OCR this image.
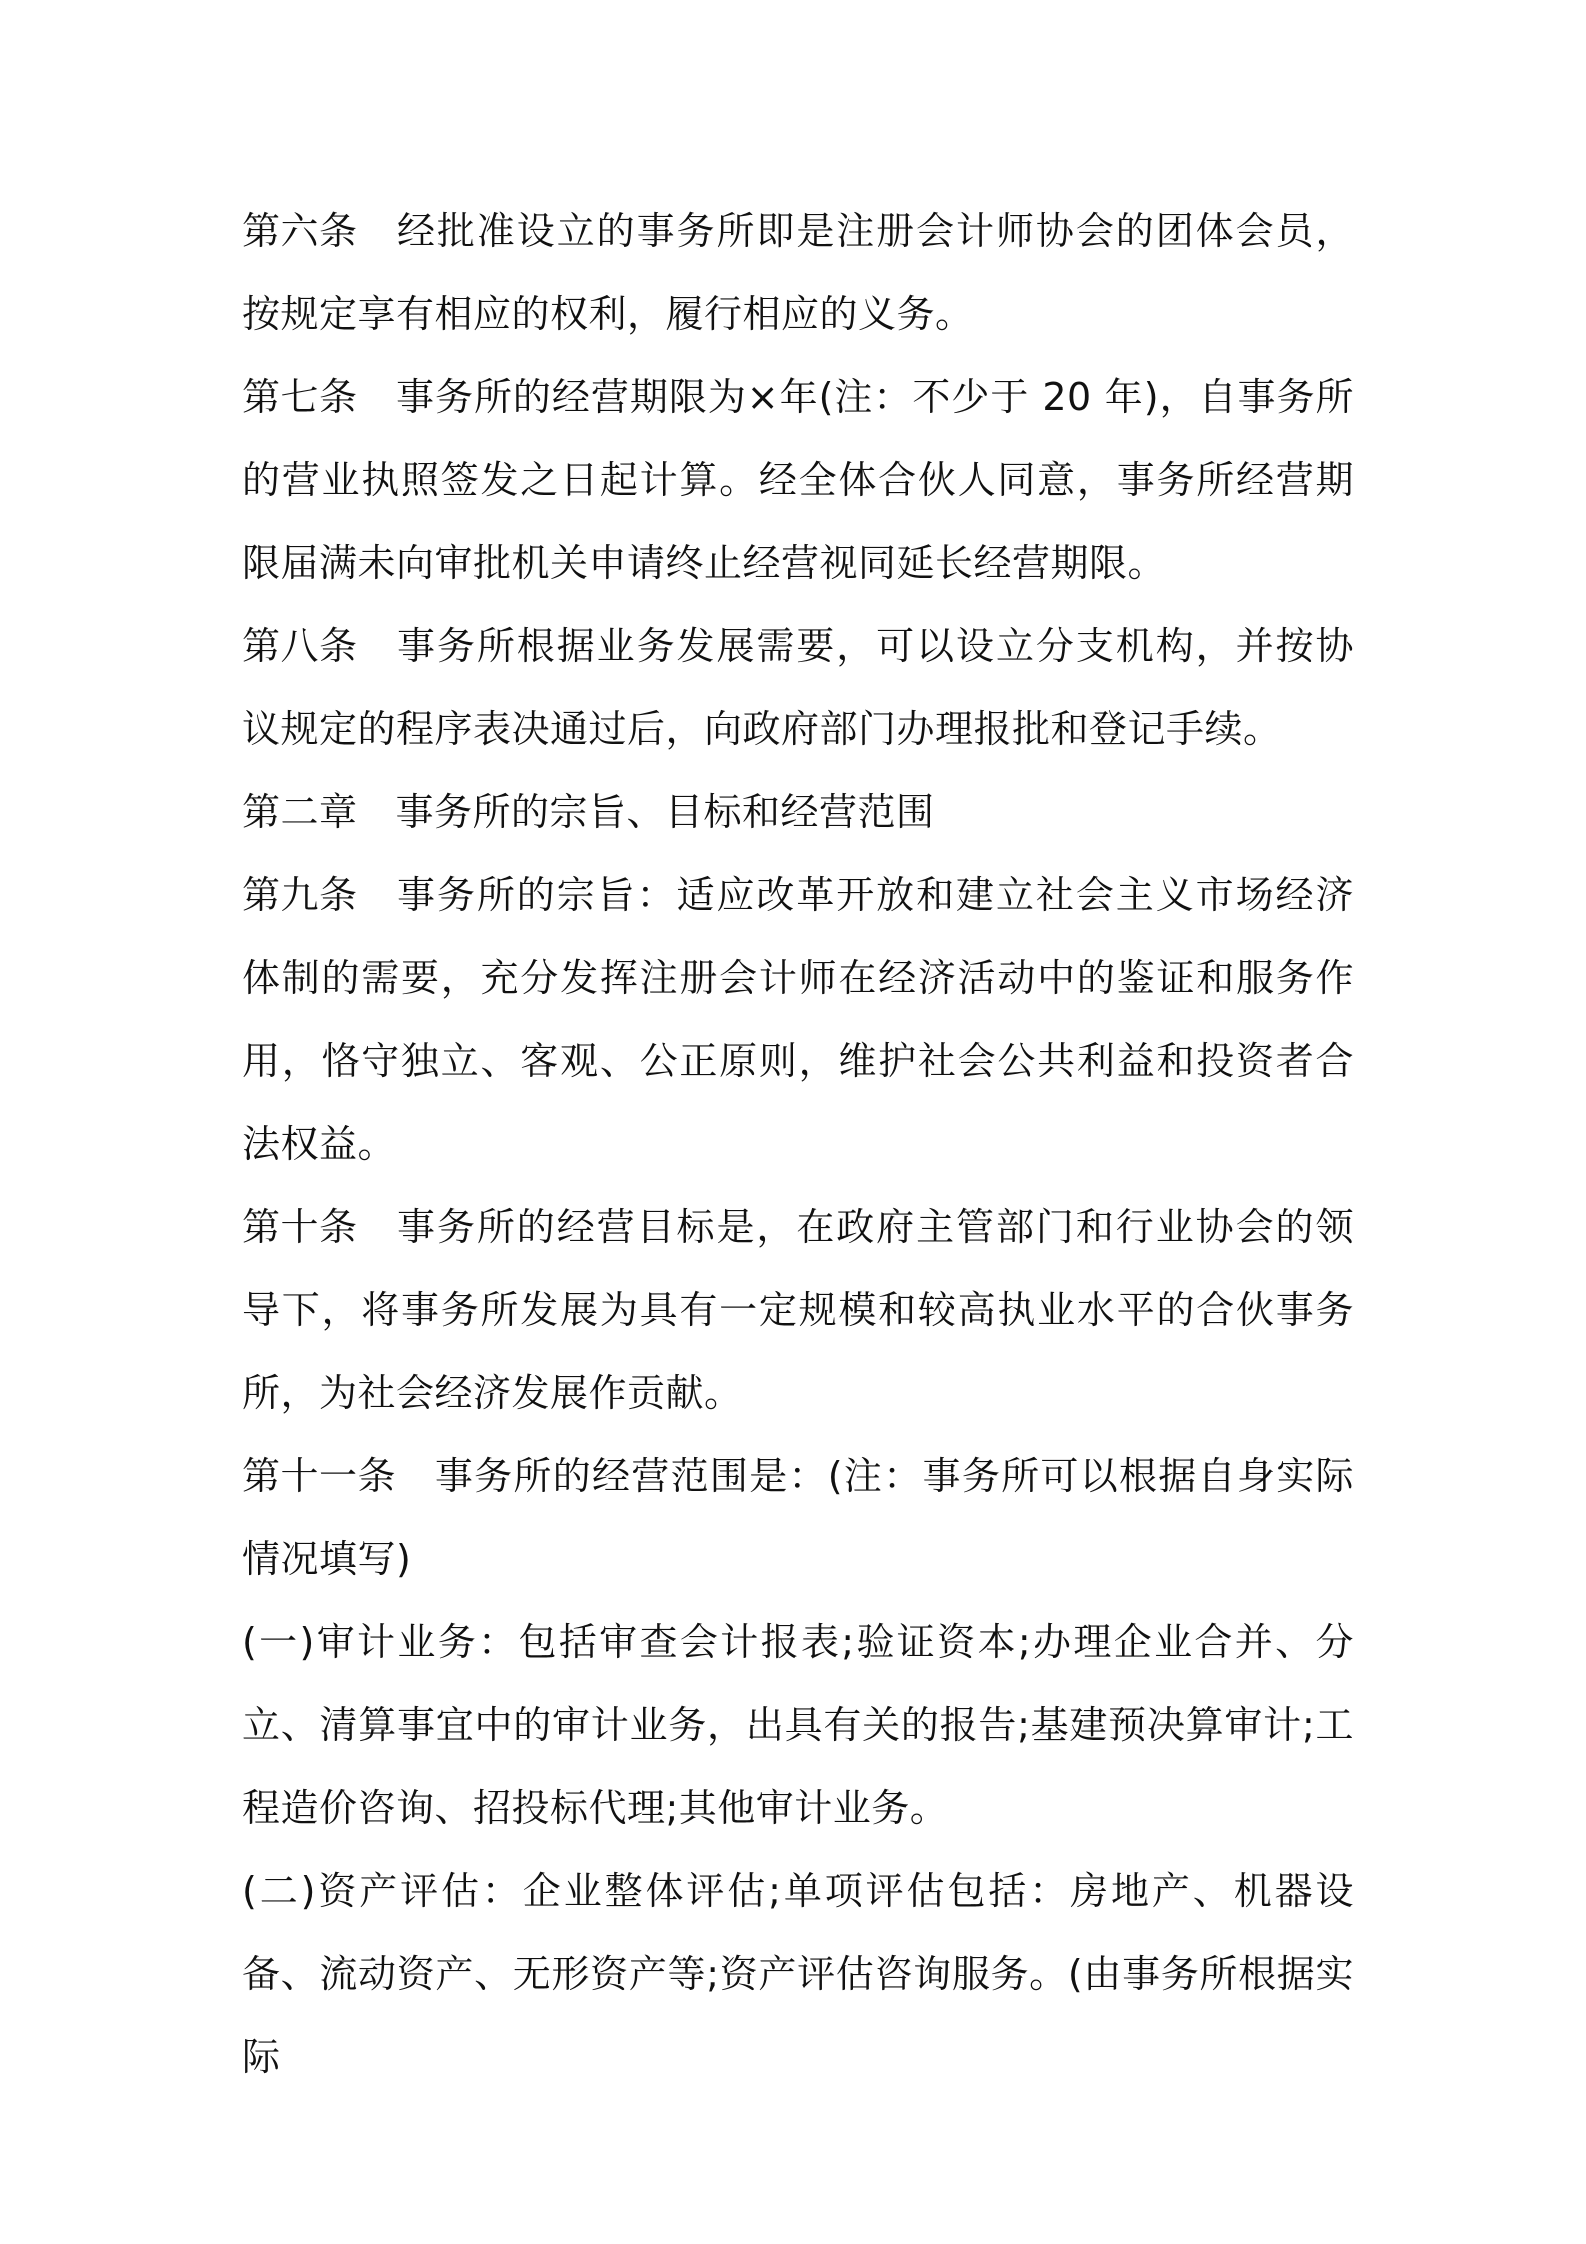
第六条 经批准设立的事务所即是注册会计师协会的团体会员，按规定享有相应的权利，履行相应的义务。

第七条 事务所的经营期限为×年(注：不少于 20 年)，自事务所的营业执照签发之日起计算。经全体合伙人同意，事务所经营期限届满未向审批机关申请终止经营视同延长经营期限。

第八条 事务所根据业务发展需要，可以设立分支机构，并按协议规定的程序表决通过后，向政府部门办理报批和登记手续。

第二章 事务所的宗旨、目标和经营范围

第九条 事务所的宗旨：适应改革开放和建立社会主义市场经济体制的需要，充分发挥注册会计师在经济活动中的鉴证和服务作用，恪守独立、客观、公正原则，维护社会公共利益和投资者合法权益。

第十条 事务所的经营目标是，在政府主管部门和行业协会的领导下，将事务所发展为具有一定规模和较高执业水平的合伙事务所，为社会经济发展作贡献。

第十一条 事务所的经营范围是：(注：事务所可以根据自身实际情况填写)

(一)审计业务：包括审查会计报表;验证资本;办理企业合并、分立、清算事宜中的审计业务，出具有关的报告;基建预决算审计;工程造价咨询、招投标代理;其他审计业务。

(二)资产评估：企业整体评估;单项评估包括：房地产、机器设备、流动资产、无形资产等;资产评估咨询服务。(由事务所根据实际
